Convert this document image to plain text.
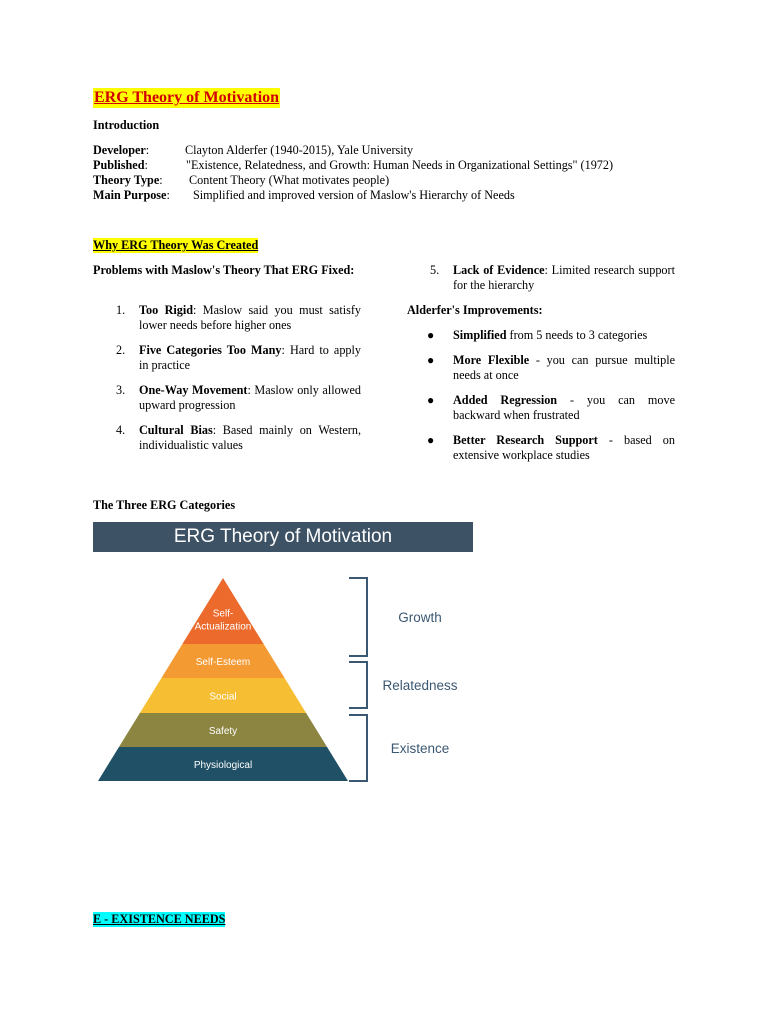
ERG Theory of Motivation
Introduction
Developer:	Clayton Alderfer (1940-2015), Yale University
Published:	"Existence, Relatedness, and Growth: Human Needs in Organizational Settings" (1972)
Theory Type: Content Theory (What motivates people)
Main Purpose: Simplified and improved version of Maslow's Hierarchy of Needs
Why ERG Theory Was Created
Problems with Maslow's Theory That ERG Fixed:
1. Too Rigid: Maslow said you must satisfy lower needs before higher ones
2. Five Categories Too Many: Hard to apply in practice
3. One-Way Movement: Maslow only allowed upward progression
4. Cultural Bias: Based mainly on Western, individualistic values
5. Lack of Evidence: Limited research support for the hierarchy
Alderfer's Improvements:
● Simplified from 5 needs to 3 categories
● More Flexible - you can pursue multiple needs at once
● Added Regression - you can move backward when frustrated
● Better Research Support - based on extensive workplace studies
The Three ERG Categories
ERG Theory of Motivation
Self-
Actualization
Self-Esteem
Social
Safety
Physiological
Growth
Relatedness
Existence
E - EXISTENCE NEEDS
